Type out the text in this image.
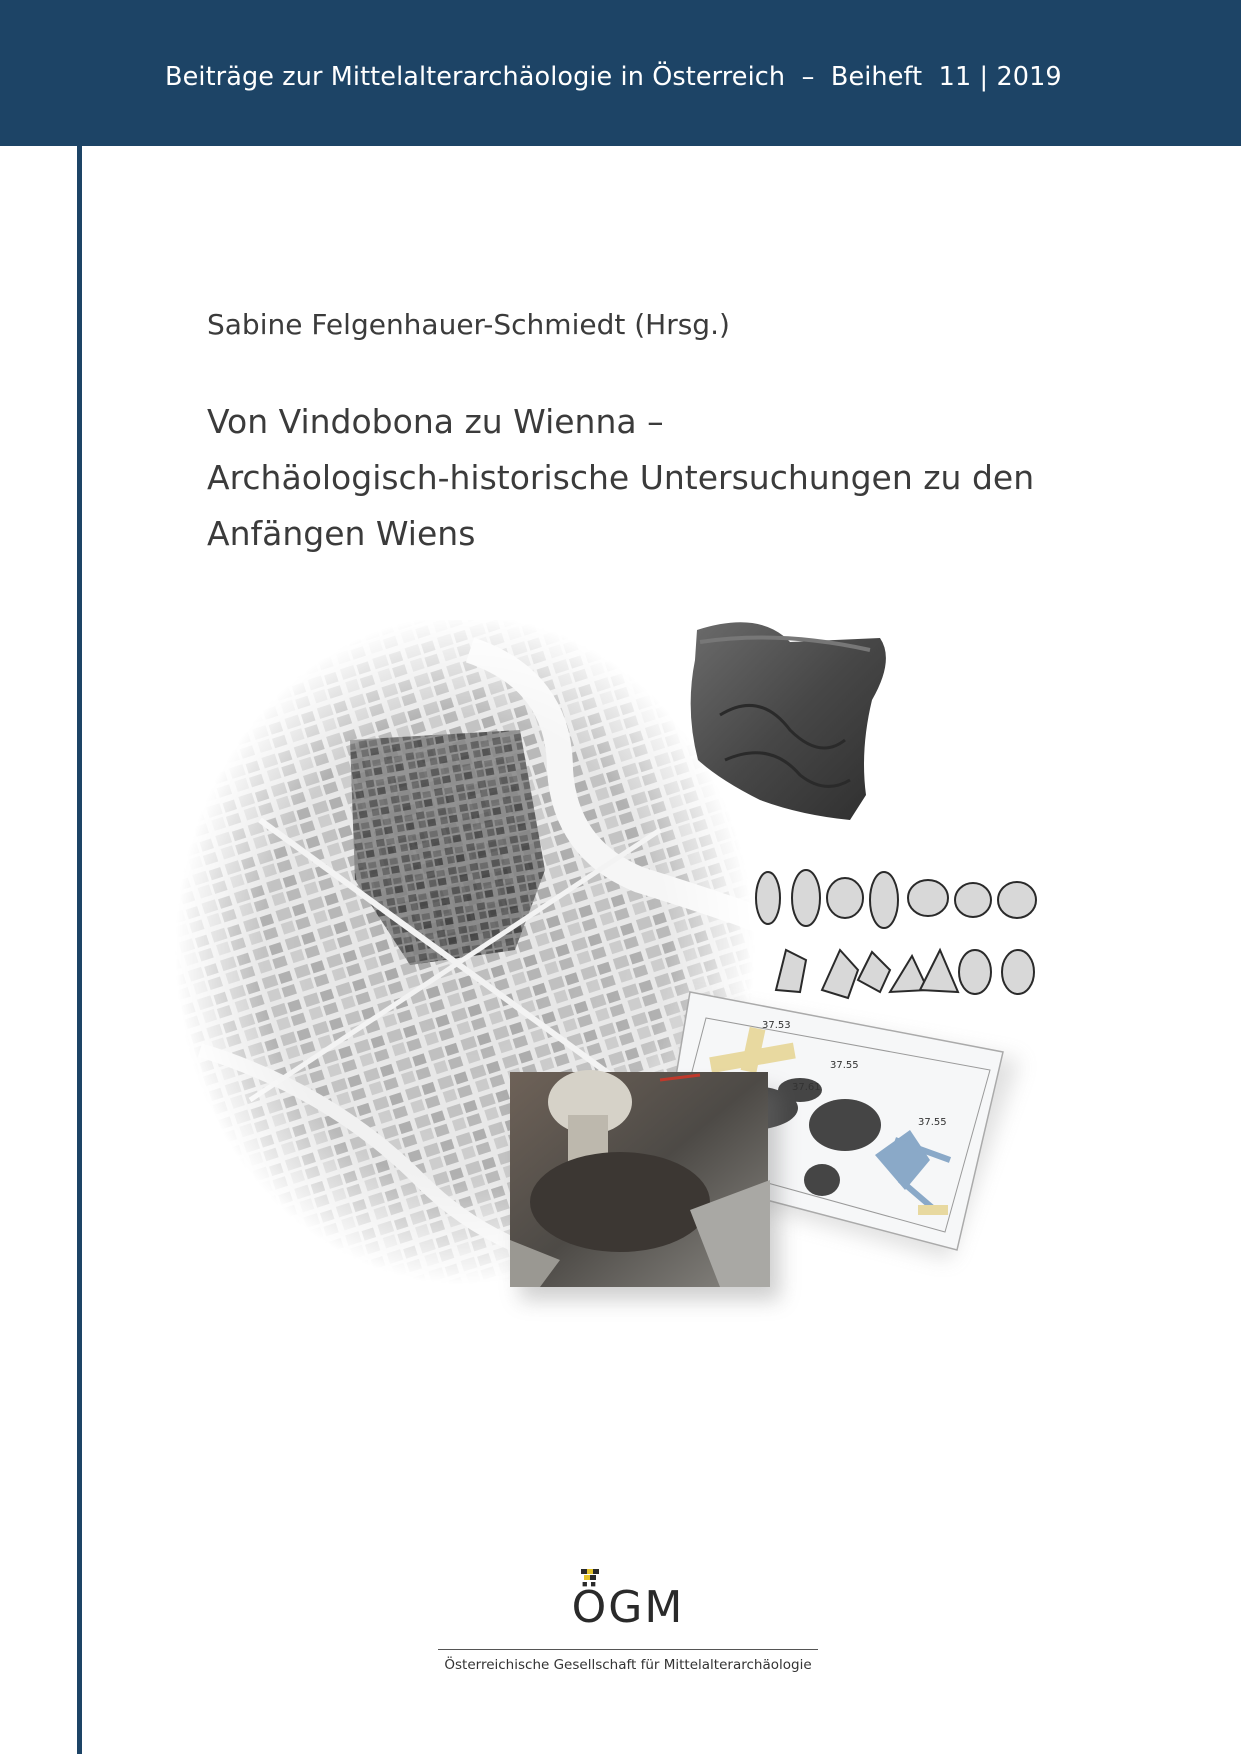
Beiträge zur Mittelalterarchäologie in Österreich – Beiheft 11 | 2019
Sabine Felgenhauer-Schmiedt (Hrsg.)
Von Vindobona zu Wienna –
Archäologisch-historische Untersuchungen zu den
Anfängen Wiens
37.53
37.55
37.61
37.55
ÖGM
Österreichische Gesellschaft für Mittelalterarchäologie
